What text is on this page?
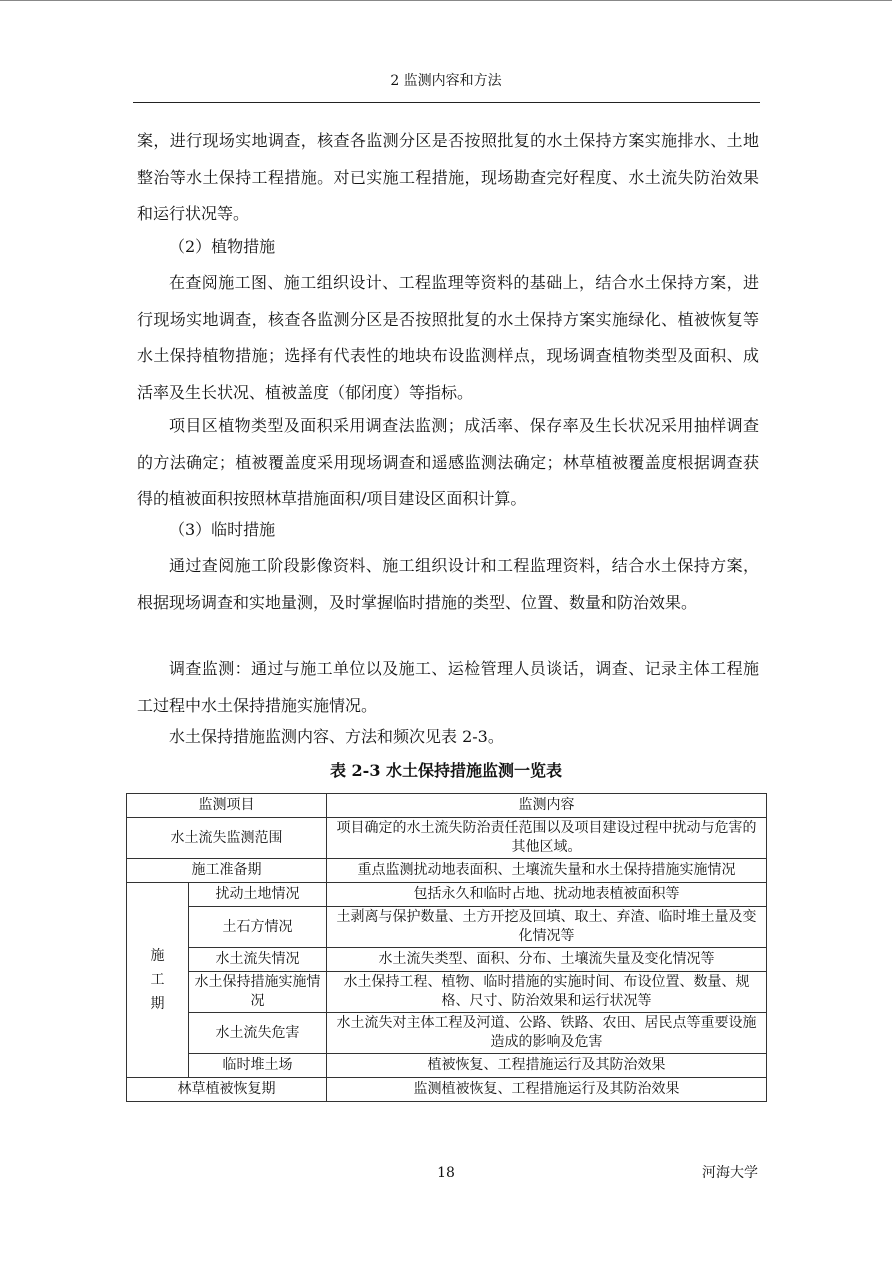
2 监测内容和方法

案，进行现场实地调查，核查各监测分区是否按照批复的水土保持方案实施排水、土地整治等水土保持工程措施。对已实施工程措施，现场勘查完好程度、水土流失防治效果和运行状况等。

（2）植物措施

在查阅施工图、施工组织设计、工程监理等资料的基础上，结合水土保持方案，进行现场实地调查，核查各监测分区是否按照批复的水土保持方案实施绿化、植被恢复等水土保持植物措施；选择有代表性的地块布设监测样点，现场调查植物类型及面积、成活率及生长状况、植被盖度（郁闭度）等指标。

项目区植物类型及面积采用调查法监测；成活率、保存率及生长状况采用抽样调查的方法确定；植被覆盖度采用现场调查和遥感监测法确定；林草植被覆盖度根据调查获得的植被面积按照林草措施面积/项目建设区面积计算。

（3）临时措施

通过查阅施工阶段影像资料、施工组织设计和工程监理资料，结合水土保持方案，根据现场调查和实地量测，及时掌握临时措施的类型、位置、数量和防治效果。

调查监测：通过与施工单位以及施工、运检管理人员谈话，调查、记录主体工程施工过程中水土保持措施实施情况。

水土保持措施监测内容、方法和频次见表 2-3。

表 2-3 水土保持措施监测一览表
监测项目		监测内容
水土流失监测范围		项目确定的水土流失防治责任范围以及项目建设过程中扰动与危害的其他区域。
施工准备期		重点监测扰动地表面积、土壤流失量和水土保持措施实施情况
施
工
期	扰动土地情况	包括永久和临时占地、扰动地表植被面积等
	土石方情况	土剥离与保护数量、土方开挖及回填、取土、弃渣、临时堆土量及变化情况等
	水土流失情况	水土流失类型、面积、分布、土壤流失量及变化情况等
	水土保持措施实施情况	水土保持工程、植物、临时措施的实施时间、布设位置、数量、规格、尺寸、防治效果和运行状况等
	水土流失危害	水土流失对主体工程及河道、公路、铁路、农田、居民点等重要设施造成的影响及危害
	临时堆土场	植被恢复、工程措施运行及其防治效果
林草植被恢复期		监测植被恢复、工程措施运行及其防治效果
18	河海大学
